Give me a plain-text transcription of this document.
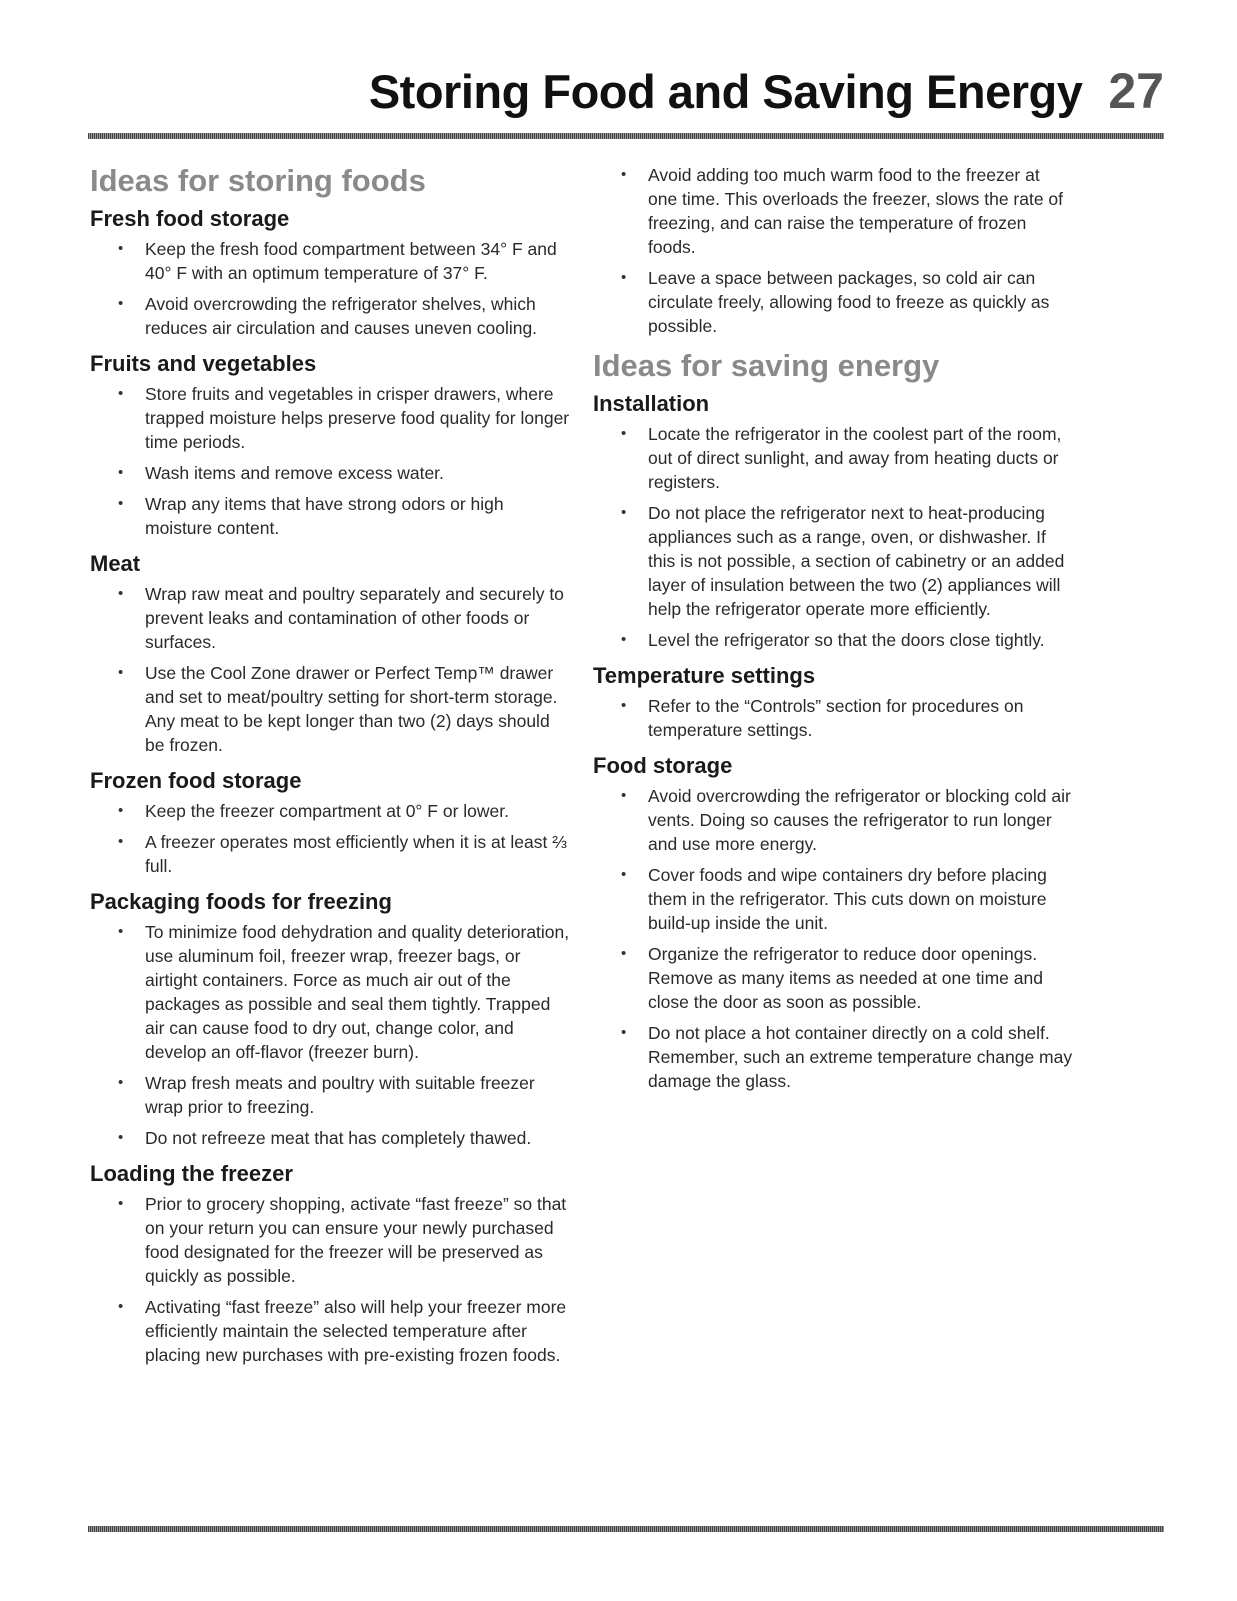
Storing Food and Saving Energy 27
Ideas for storing foods
Fresh food storage
• Keep the fresh food compartment between 34° F and 40° F with an optimum temperature of 37° F.
• Avoid overcrowding the refrigerator shelves, which reduces air circulation and causes uneven cooling.
Fruits and vegetables
• Store fruits and vegetables in crisper drawers, where trapped moisture helps preserve food quality for longer time periods.
• Wash items and remove excess water.
• Wrap any items that have strong odors or high moisture content.
Meat
• Wrap raw meat and poultry separately and securely to prevent leaks and contamination of other foods or surfaces.
• Use the Cool Zone drawer or Perfect Temp™ drawer and set to meat/poultry setting for short-term storage. Any meat to be kept longer than two (2) days should be frozen.
Frozen food storage
• Keep the freezer compartment at 0° F or lower.
• A freezer operates most efficiently when it is at least ⅔ full.
Packaging foods for freezing
• To minimize food dehydration and quality deterioration, use aluminum foil, freezer wrap, freezer bags, or airtight containers. Force as much air out of the packages as possible and seal them tightly. Trapped air can cause food to dry out, change color, and develop an off-flavor (freezer burn).
• Wrap fresh meats and poultry with suitable freezer wrap prior to freezing.
• Do not refreeze meat that has completely thawed.
Loading the freezer
• Prior to grocery shopping, activate “fast freeze” so that on your return you can ensure your newly purchased food designated for the freezer will be preserved as quickly as possible.
• Activating “fast freeze” also will help your freezer more efficiently maintain the selected temperature after placing new purchases with pre-existing frozen foods.
• Avoid adding too much warm food to the freezer at one time. This overloads the freezer, slows the rate of freezing, and can raise the temperature of frozen foods.
• Leave a space between packages, so cold air can circulate freely, allowing food to freeze as quickly as possible.
Ideas for saving energy
Installation
• Locate the refrigerator in the coolest part of the room, out of direct sunlight, and away from heating ducts or registers.
• Do not place the refrigerator next to heat-producing appliances such as a range, oven, or dishwasher. If this is not possible, a section of cabinetry or an added layer of insulation between the two (2) appliances will help the refrigerator operate more efficiently.
• Level the refrigerator so that the doors close tightly.
Temperature settings
• Refer to the “Controls” section for procedures on temperature settings.
Food storage
• Avoid overcrowding the refrigerator or blocking cold air vents. Doing so causes the refrigerator to run longer and use more energy.
• Cover foods and wipe containers dry before placing them in the refrigerator. This cuts down on moisture build-up inside the unit.
• Organize the refrigerator to reduce door openings. Remove as many items as needed at one time and close the door as soon as possible.
• Do not place a hot container directly on a cold shelf. Remember, such an extreme temperature change may damage the glass.
